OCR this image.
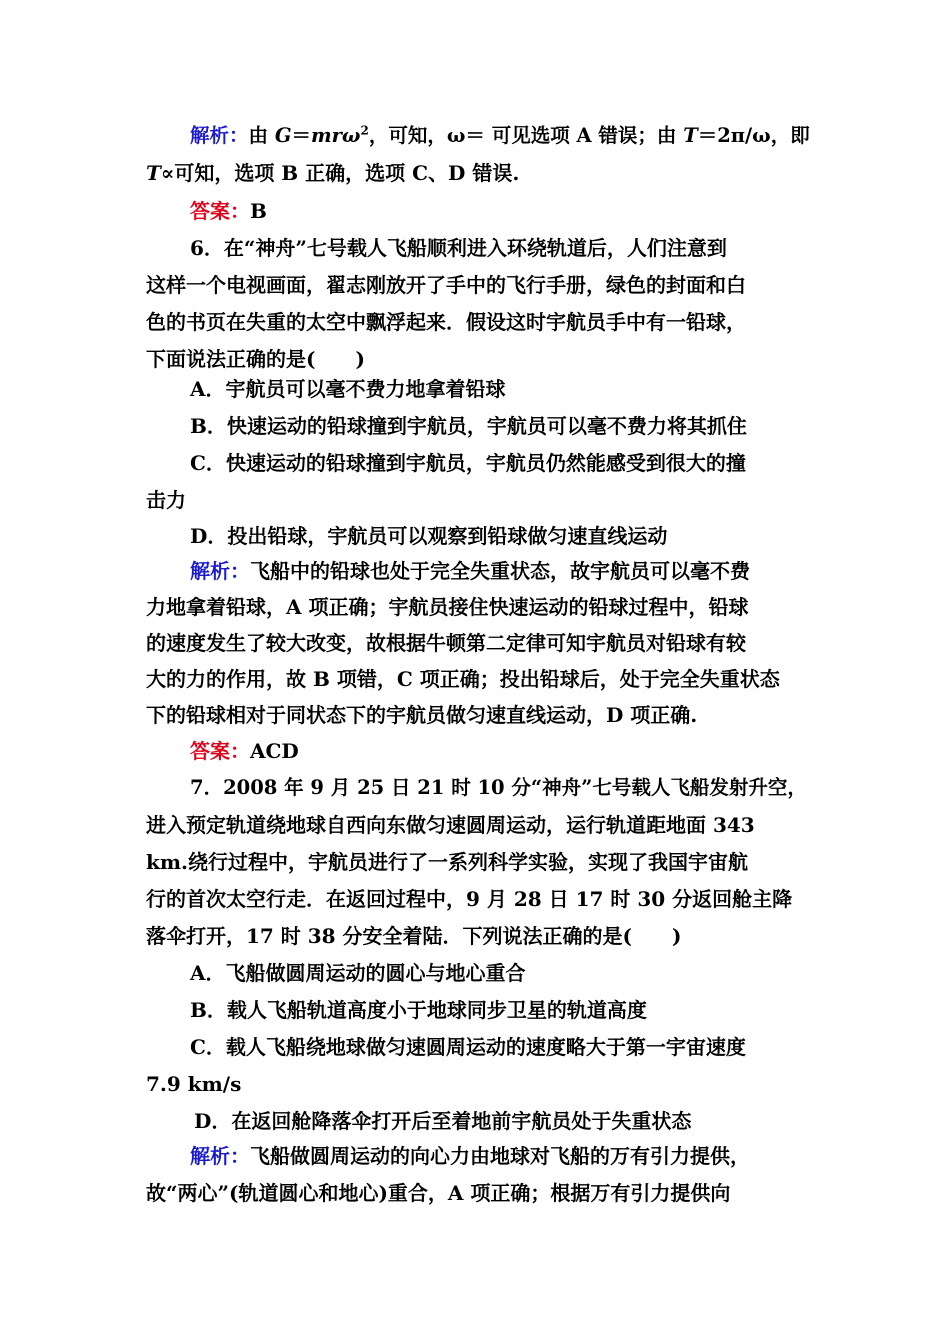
解析：由 G＝mrω$^2$，可知，ω＝ 可见选项 A 错误；由 T＝2π/ω，即
T∝可知，选项 B 正确，选项 C、D 错误.
答案：B
6．在“神舟”七号载人飞船顺利进入环绕轨道后，人们注意到
这样一个电视画面，翟志刚放开了手中的飞行手册，绿色的封面和白
色的书页在失重的太空中飘浮起来．假设这时宇航员手中有一铅球，
下面说法正确的是(　　)
A．宇航员可以毫不费力地拿着铅球
B．快速运动的铅球撞到宇航员，宇航员可以毫不费力将其抓住
C．快速运动的铅球撞到宇航员，宇航员仍然能感受到很大的撞
击力
D．投出铅球，宇航员可以观察到铅球做匀速直线运动
解析：飞船中的铅球也处于完全失重状态，故宇航员可以毫不费
力地拿着铅球，A 项正确；宇航员接住快速运动的铅球过程中，铅球
的速度发生了较大改变，故根据牛顿第二定律可知宇航员对铅球有较
大的力的作用，故 B 项错，C 项正确；投出铅球后，处于完全失重状态
下的铅球相对于同状态下的宇航员做匀速直线运动，D 项正确.
答案：ACD
7．2008 年 9 月 25 日 21 时 10 分“神舟”七号载人飞船发射升空，
进入预定轨道绕地球自西向东做匀速圆周运动，运行轨道距地面 343
km.绕行过程中，宇航员进行了一系列科学实验，实现了我国宇宙航
行的首次太空行走．在返回过程中，9 月 28 日 17 时 30 分返回舱主降
落伞打开，17 时 38 分安全着陆．下列说法正确的是(　　)
A．飞船做圆周运动的圆心与地心重合
B．载人飞船轨道高度小于地球同步卫星的轨道高度
C．载人飞船绕地球做匀速圆周运动的速度略大于第一宇宙速度
7.9 km/s
D．在返回舱降落伞打开后至着地前宇航员处于失重状态
解析：飞船做圆周运动的向心力由地球对飞船的万有引力提供，
故“两心”(轨道圆心和地心)重合，A 项正确；根据万有引力提供向
